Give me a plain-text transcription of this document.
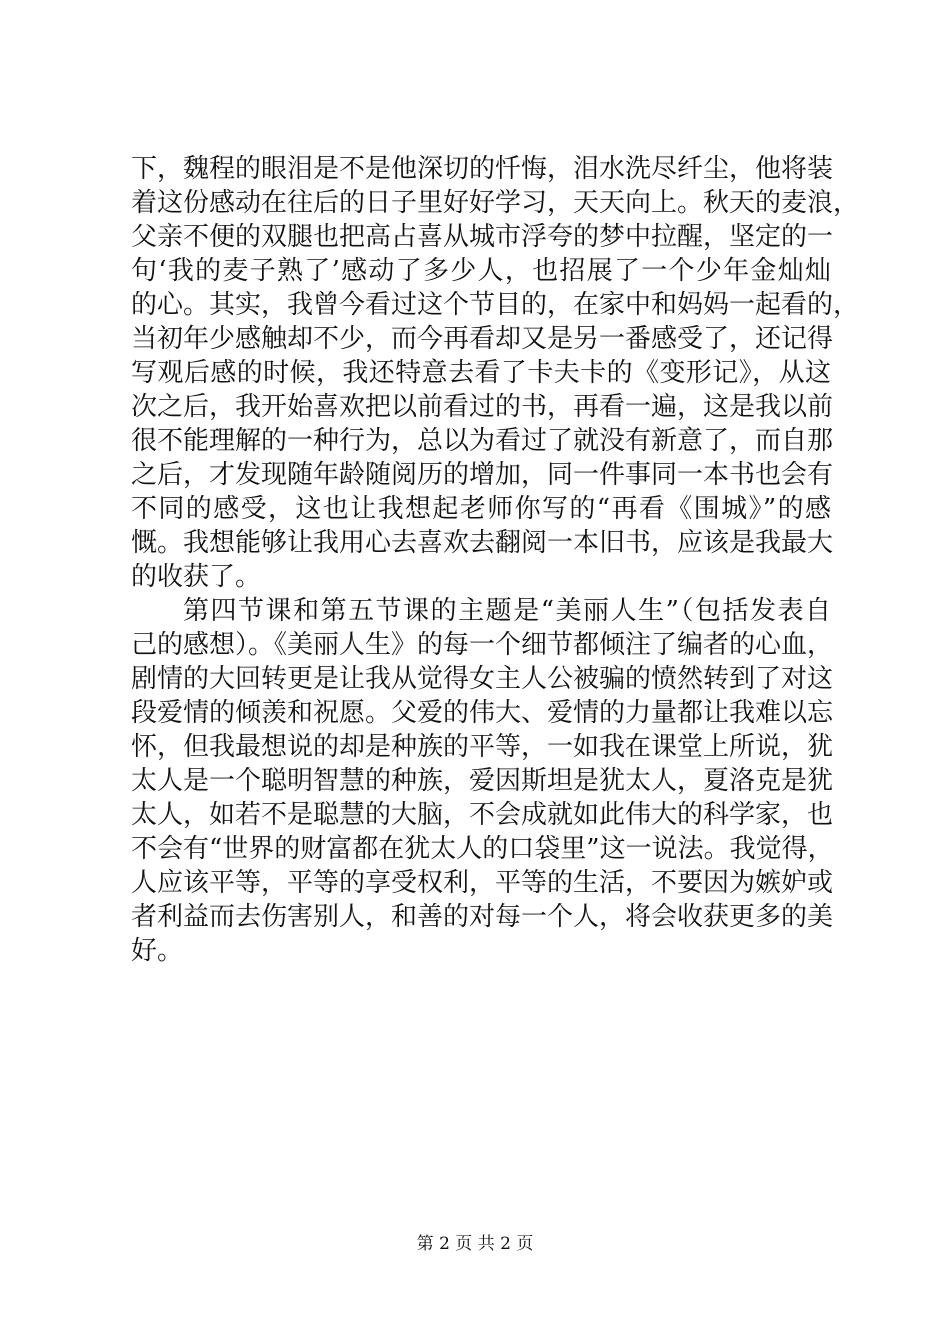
下，魏程的眼泪是不是他深切的忏悔，泪水洗尽纤尘，他将装
着这份感动在往后的日子里好好学习，天天向上。秋天的麦浪，
父亲不便的双腿也把高占喜从城市浮夸的梦中拉醒，坚定的一
句‘我的麦子熟了’感动了多少人，也招展了一个少年金灿灿
的心。其实，我曾今看过这个节目的，在家中和妈妈一起看的，
当初年少感触却不少，而今再看却又是另一番感受了，还记得
写观后感的时候，我还特意去看了卡夫卡的《变形记》，从这
次之后，我开始喜欢把以前看过的书，再看一遍，这是我以前
很不能理解的一种行为，总以为看过了就没有新意了，而自那
之后，才发现随年龄随阅历的增加，同一件事同一本书也会有
不同的感受，这也让我想起老师你写的“再看《围城》”的感
慨。我想能够让我用心去喜欢去翻阅一本旧书，应该是我最大
的收获了。
第四节课和第五节课的主题是“美丽人生”（包括发表自
己的感想）。《美丽人生》的每一个细节都倾注了编者的心血，
剧情的大回转更是让我从觉得女主人公被骗的愤然转到了对这
段爱情的倾羡和祝愿。父爱的伟大、爱情的力量都让我难以忘
怀，但我最想说的却是种族的平等，一如我在课堂上所说，犹
太人是一个聪明智慧的种族，爱因斯坦是犹太人，夏洛克是犹
太人，如若不是聪慧的大脑，不会成就如此伟大的科学家，也
不会有“世界的财富都在犹太人的口袋里”这一说法。我觉得，
人应该平等，平等的享受权利，平等的生活，不要因为嫉妒或
者利益而去伤害别人，和善的对每一个人，将会收获更多的美
好。
第 2 页 共 2 页
